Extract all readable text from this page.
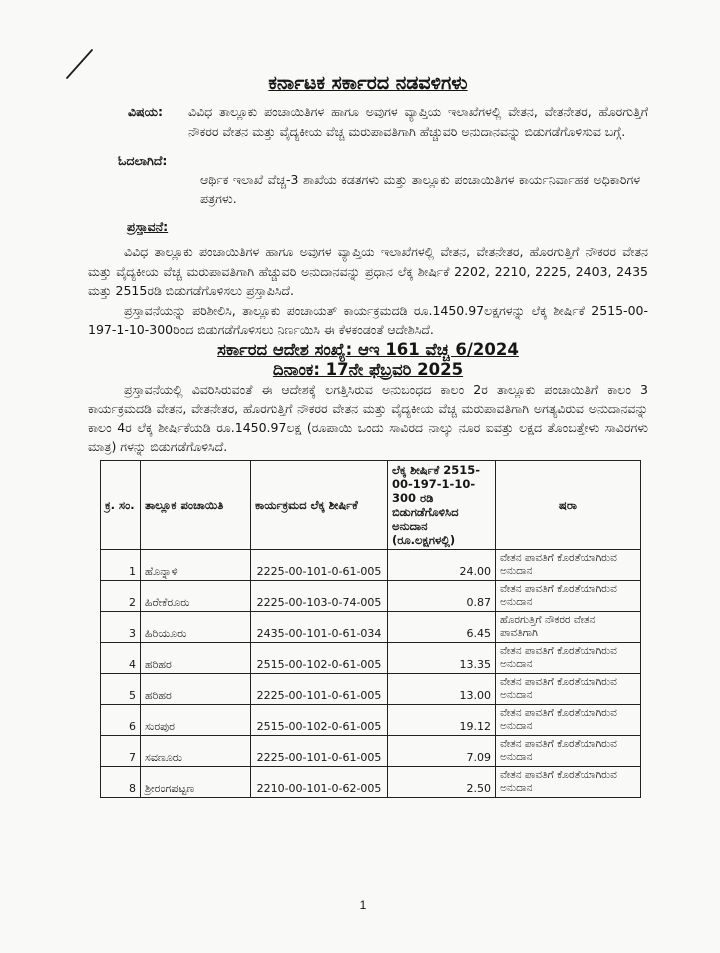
ಕರ್ನಾಟಕ ಸರ್ಕಾರದ ನಡವಳಿಗಳು
ವಿಷಯ:	ವಿವಿಧ ತಾಲ್ಲೂಕು ಪಂಚಾಯಿತಿಗಳ ಹಾಗೂ ಅವುಗಳ ವ್ಯಾಪ್ತಿಯ ಇಲಾಖೆಗಳಲ್ಲಿ ವೇತನ, ವೇತನೇತರ, ಹೊರಗುತ್ತಿಗೆ ನೌಕರರ ವೇತನ ಮತ್ತು ವೈದ್ಯಕೀಯ ವೆಚ್ಚ ಮರುಪಾವತಿಗಾಗಿ ಹೆಚ್ಚುವರಿ ಅನುದಾನವನ್ನು ಬಿಡುಗಡೆಗೊಳಿಸುವ ಬಗ್ಗೆ.
ಓದಲಾಗಿದೆ:
ಆರ್ಥಿಕ ಇಲಾಖೆ ವೆಚ್ಚ-3 ಶಾಖೆಯ ಕಡತಗಳು ಮತ್ತು ತಾಲ್ಲೂಕು ಪಂಚಾಯಿತಿಗಳ ಕಾರ್ಯನಿರ್ವಾಹಕ ಅಧಿಕಾರಿಗಳ ಪತ್ರಗಳು.
ಪ್ರಸ್ತಾವನೆ:
ವಿವಿಧ ತಾಲ್ಲೂಕು ಪಂಚಾಯಿತಿಗಳ ಹಾಗೂ ಅವುಗಳ ವ್ಯಾಪ್ತಿಯ ಇಲಾಖೆಗಳಲ್ಲಿ ವೇತನ, ವೇತನೇತರ, ಹೊರಗುತ್ತಿಗೆ ನೌಕರರ ವೇತನ ಮತ್ತು ವೈದ್ಯಕೀಯ ವೆಚ್ಚ ಮರುಪಾವತಿಗಾಗಿ ಹೆಚ್ಚುವರಿ ಅನುದಾನವನ್ನು ಪ್ರಧಾನ ಲೆಕ್ಕ ಶೀರ್ಷಿಕೆ 2202, 2210, 2225, 2403, 2435 ಮತ್ತು 2515ರಡಿ ಬಿಡುಗಡೆಗೊಳಿಸಲು ಪ್ರಸ್ತಾಪಿಸಿದೆ.
ಪ್ರಸ್ತಾವನೆಯನ್ನು ಪರಿಶೀಲಿಸಿ, ತಾಲ್ಲೂಕು ಪಂಚಾಯತ್ ಕಾರ್ಯಕ್ರಮದಡಿ ರೂ.1450.97ಲಕ್ಷಗಳನ್ನು ಲೆಕ್ಕ ಶೀರ್ಷಿಕೆ 2515-00-197-1-10-300ರಿಂದ ಬಿಡುಗಡೆಗೊಳಿಸಲು ನಿರ್ಣಯಿಸಿ ಈ ಕೆಳಕಂಡಂತೆ ಆದೇಶಿಸಿದೆ.
ಸರ್ಕಾರದ ಆದೇಶ ಸಂಖ್ಯೆ: ಆಇ 161 ವೆಚ್ಚ 6/2024
ದಿನಾಂಕ: 17ನೇ ಫೆಬ್ರವರಿ 2025
ಪ್ರಸ್ತಾವನೆಯಲ್ಲಿ ವಿವರಿಸಿರುವಂತೆ ಈ ಆದೇಶಕ್ಕೆ ಲಗತ್ತಿಸಿರುವ ಅನುಬಂಧದ ಕಾಲಂ 2ರ ತಾಲ್ಲೂಕು ಪಂಚಾಯಿತಿಗೆ ಕಾಲಂ 3 ಕಾರ್ಯಕ್ರಮದಡಿ ವೇತನ, ವೇತನೇತರ, ಹೊರಗುತ್ತಿಗೆ ನೌಕರರ ವೇತನ ಮತ್ತು ವೈದ್ಯಕೀಯ ವೆಚ್ಚ ಮರುಪಾವತಿಗಾಗಿ ಅಗತ್ಯವಿರುವ ಅನುದಾನವನ್ನು ಕಾಲಂ 4ರ ಲೆಕ್ಕ ಶೀರ್ಷಿಕೆಯಡಿ ರೂ.1450.97ಲಕ್ಷ (ರೂಪಾಯಿ ಒಂದು ಸಾವಿರದ ನಾಲ್ಕು ನೂರ ಐವತ್ತು ಲಕ್ಷದ ತೊಂಬತ್ತೇಳು ಸಾವಿರಗಳು ಮಾತ್ರ) ಗಳನ್ನು ಬಿಡುಗಡೆಗೊಳಿಸಿದೆ.
ಕ್ರ. ಸಂ.	ತಾಲ್ಲೂಕ ಪಂಚಾಯಿತಿ	ಕಾರ್ಯಕ್ರಮದ ಲೆಕ್ಕ ಶೀರ್ಷಿಕೆ	ಲೆಕ್ಕ ಶೀರ್ಷಿಕೆ 2515-00-197-1-10-300 ರಡಿ ಬಿಡುಗಡೆಗೊಳಿಸಿದ ಅನುದಾನ (ರೂ.ಲಕ್ಷಗಳಲ್ಲಿ)	ಷರಾ
1	ಹೊನ್ನಾಳಿ	2225-00-101-0-61-005	24.00	ವೇತನ ಪಾವತಿಗೆ ಕೊರತೆಯಾಗಿರುವ ಅನುದಾನ
2	ಹಿರೇಕೆರೂರು	2225-00-103-0-74-005	0.87	ವೇತನ ಪಾವತಿಗೆ ಕೊರತೆಯಾಗಿರುವ ಅನುದಾನ
3	ಹಿರಿಯೂರು	2435-00-101-0-61-034	6.45	ಹೊರಗುತ್ತಿಗೆ ನೌಕರರ ವೇತನ ಪಾವತಿಗಾಗಿ
4	ಹರಿಹರ	2515-00-102-0-61-005	13.35	ವೇತನ ಪಾವತಿಗೆ ಕೊರತೆಯಾಗಿರುವ ಅನುದಾನ
5	ಹರಿಹರ	2225-00-101-0-61-005	13.00	ವೇತನ ಪಾವತಿಗೆ ಕೊರತೆಯಾಗಿರುವ ಅನುದಾನ
6	ಸುರಪುರ	2515-00-102-0-61-005	19.12	ವೇತನ ಪಾವತಿಗೆ ಕೊರತೆಯಾಗಿರುವ ಅನುದಾನ
7	ಸವಣೂರು	2225-00-101-0-61-005	7.09	ವೇತನ ಪಾವತಿಗೆ ಕೊರತೆಯಾಗಿರುವ ಅನುದಾನ
8	ಶ್ರೀರಂಗಪಟ್ಟಣ	2210-00-101-0-62-005	2.50	ವೇತನ ಪಾವತಿಗೆ ಕೊರತೆಯಾಗಿರುವ ಅನುದಾನ
1
